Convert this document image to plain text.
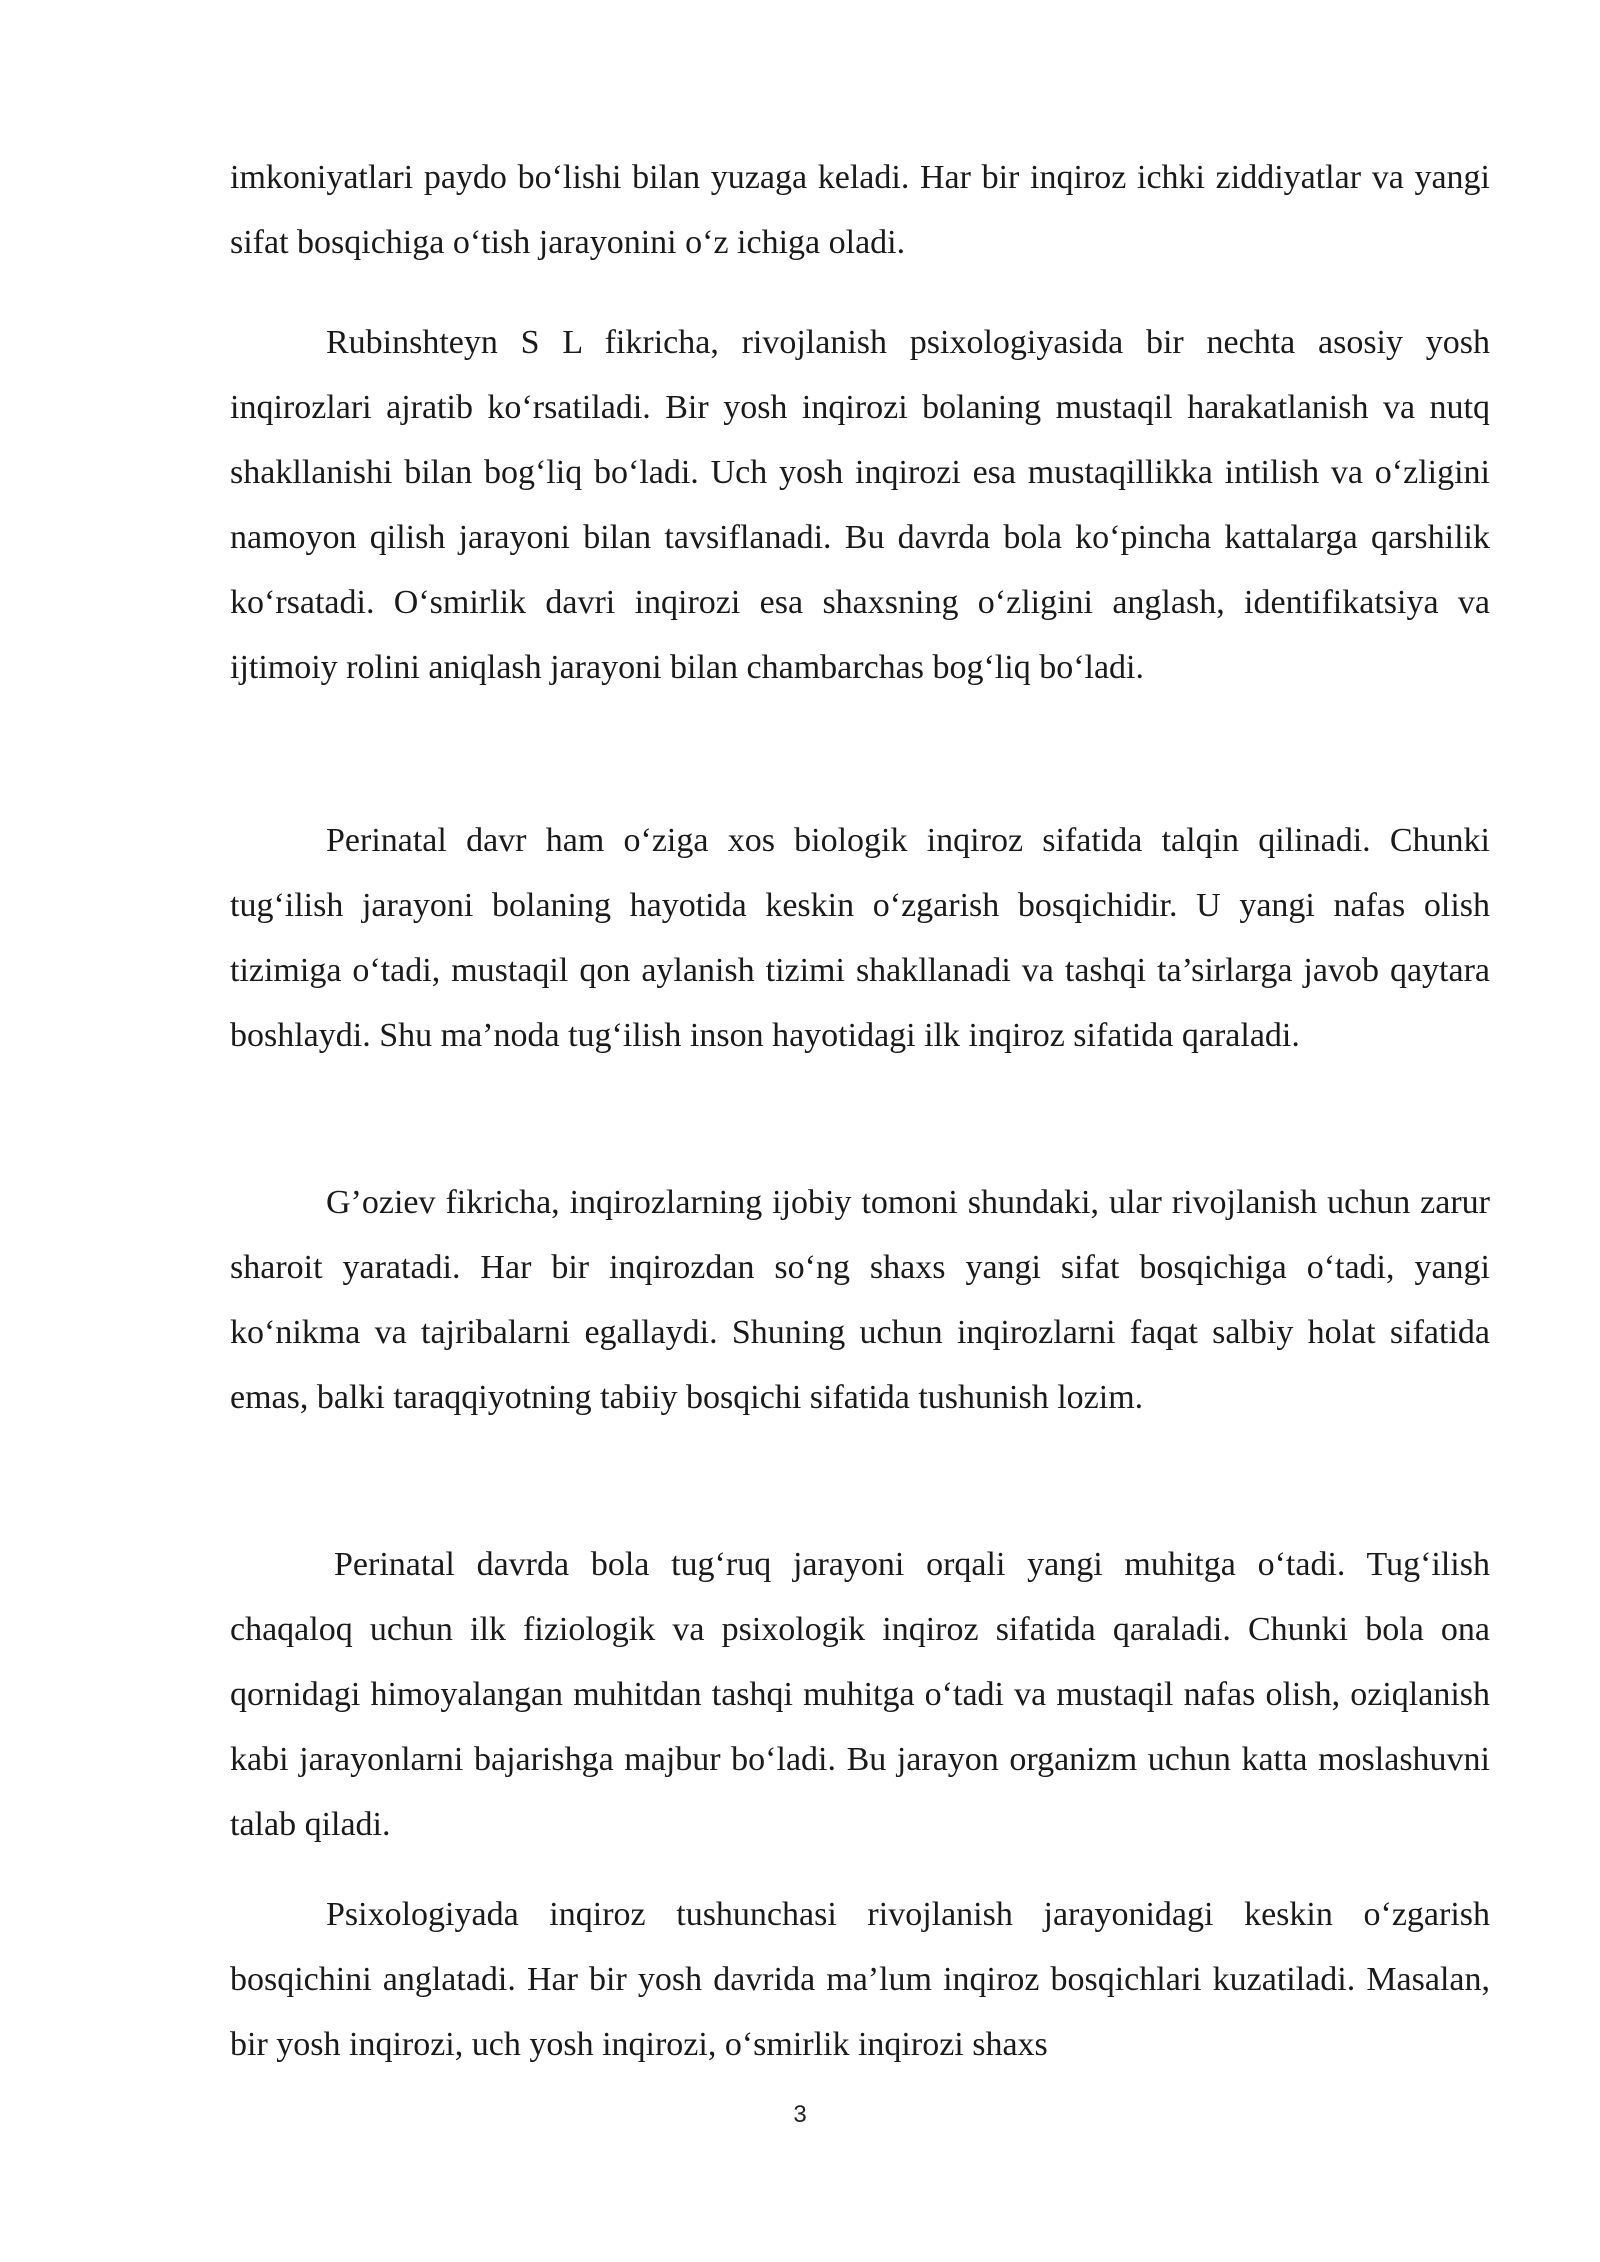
imkoniyatlari paydo bo‘lishi bilan yuzaga keladi. Har bir inqiroz ichki ziddiyatlar va yangi sifat bosqichiga o‘tish jarayonini o‘z ichiga oladi.

Rubinshteyn S L fikricha, rivojlanish psixologiyasida bir nechta asosiy yosh inqirozlari ajratib ko‘rsatiladi. Bir yosh inqirozi bolaning mustaqil harakatlanish va nutq shakllanishi bilan bog‘liq bo‘ladi. Uch yosh inqirozi esa mustaqillikka intilish va o‘zligini namoyon qilish jarayoni bilan tavsiflanadi. Bu davrda bola ko‘pincha kattalarga qarshilik ko‘rsatadi. O‘smirlik davri inqirozi esa shaxsning o‘zligini anglash, identifikatsiya va ijtimoiy rolini aniqlash jarayoni bilan chambarchas bog‘liq bo‘ladi.

Perinatal davr ham o‘ziga xos biologik inqiroz sifatida talqin qilinadi. Chunki tug‘ilish jarayoni bolaning hayotida keskin o‘zgarish bosqichidir. U yangi nafas olish tizimiga o‘tadi, mustaqil qon aylanish tizimi shakllanadi va tashqi ta’sirlarga javob qaytara boshlaydi. Shu ma’noda tug‘ilish inson hayotidagi ilk inqiroz sifatida qaraladi.

G’oziev fikricha, inqirozlarning ijobiy tomoni shundaki, ular rivojlanish uchun zarur sharoit yaratadi. Har bir inqirozdan so‘ng shaxs yangi sifat bosqichiga o‘tadi, yangi ko‘nikma va tajribalarni egallaydi. Shuning uchun inqirozlarni faqat salbiy holat sifatida emas, balki taraqqiyotning tabiiy bosqichi sifatida tushunish lozim.

Perinatal davrda bola tug‘ruq jarayoni orqali yangi muhitga o‘tadi. Tug‘ilish chaqaloq uchun ilk fiziologik va psixologik inqiroz sifatida qaraladi. Chunki bola ona qornidagi himoyalangan muhitdan tashqi muhitga o‘tadi va mustaqil nafas olish, oziqlanish kabi jarayonlarni bajarishga majbur bo‘ladi. Bu jarayon organizm uchun katta moslashuvni talab qiladi.

Psixologiyada inqiroz tushunchasi rivojlanish jarayonidagi keskin o‘zgarish bosqichini anglatadi. Har bir yosh davrida ma’lum inqiroz bosqichlari kuzatiladi. Masalan, bir yosh inqirozi, uch yosh inqirozi, o‘smirlik inqirozi shaxs

3
